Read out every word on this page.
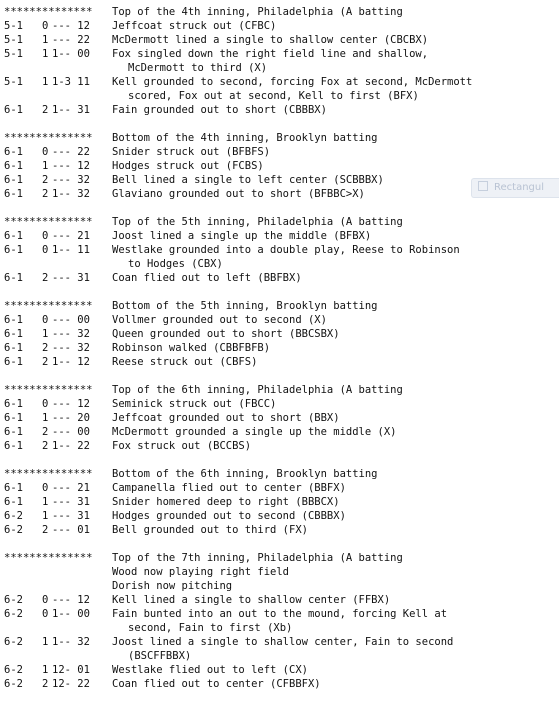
************** Top of the 4th inning, Philadelphia (A batting
5-1 0 --- 12 Jeffcoat struck out (CFBC)
5-1 1 --- 22 McDermott lined a single to shallow center (CBCBX)
5-1 1 1-- 00 Fox singled down the right field line and shallow,
McDermott to third (X)
5-1 1 1-3 11 Kell grounded to second, forcing Fox at second, McDermott
scored, Fox out at second, Kell to first (BFX)
6-1 2 1-- 31 Fain grounded out to short (CBBBX)
************** Bottom of the 4th inning, Brooklyn batting
6-1 0 --- 22 Snider struck out (BFBFS)
6-1 1 --- 12 Hodges struck out (FCBS)
6-1 2 --- 32 Bell lined a single to left center (SCBBBX)
6-1 2 1-- 32 Glaviano grounded out to short (BFBBC>X)
************** Top of the 5th inning, Philadelphia (A batting
6-1 0 --- 21 Joost lined a single up the middle (BFBX)
6-1 0 1-- 11 Westlake grounded into a double play, Reese to Robinson
to Hodges (CBX)
6-1 2 --- 31 Coan flied out to left (BBFBX)
************** Bottom of the 5th inning, Brooklyn batting
6-1 0 --- 00 Vollmer grounded out to second (X)
6-1 1 --- 32 Queen grounded out to short (BBCSBX)
6-1 2 --- 32 Robinson walked (CBBFBFB)
6-1 2 1-- 12 Reese struck out (CBFS)
************** Top of the 6th inning, Philadelphia (A batting
6-1 0 --- 12 Seminick struck out (FBCC)
6-1 1 --- 20 Jeffcoat grounded out to short (BBX)
6-1 2 --- 00 McDermott grounded a single up the middle (X)
6-1 2 1-- 22 Fox struck out (BCCBS)
************** Bottom of the 6th inning, Brooklyn batting
6-1 0 --- 21 Campanella flied out to center (BBFX)
6-1 1 --- 31 Snider homered deep to right (BBBCX)
6-2 1 --- 31 Hodges grounded out to second (CBBBX)
6-2 2 --- 01 Bell grounded out to third (FX)
************** Top of the 7th inning, Philadelphia (A batting
Wood now playing right field
Dorish now pitching
6-2 0 --- 12 Kell lined a single to shallow center (FFBX)
6-2 0 1-- 00 Fain bunted into an out to the mound, forcing Kell at
second, Fain to first (Xb)
6-2 1 1-- 32 Joost lined a single to shallow center, Fain to second
(BSCFFBBX)
6-2 1 12- 01 Westlake flied out to left (CX)
6-2 2 12- 22 Coan flied out to center (CFBBFX)
Rectangul
